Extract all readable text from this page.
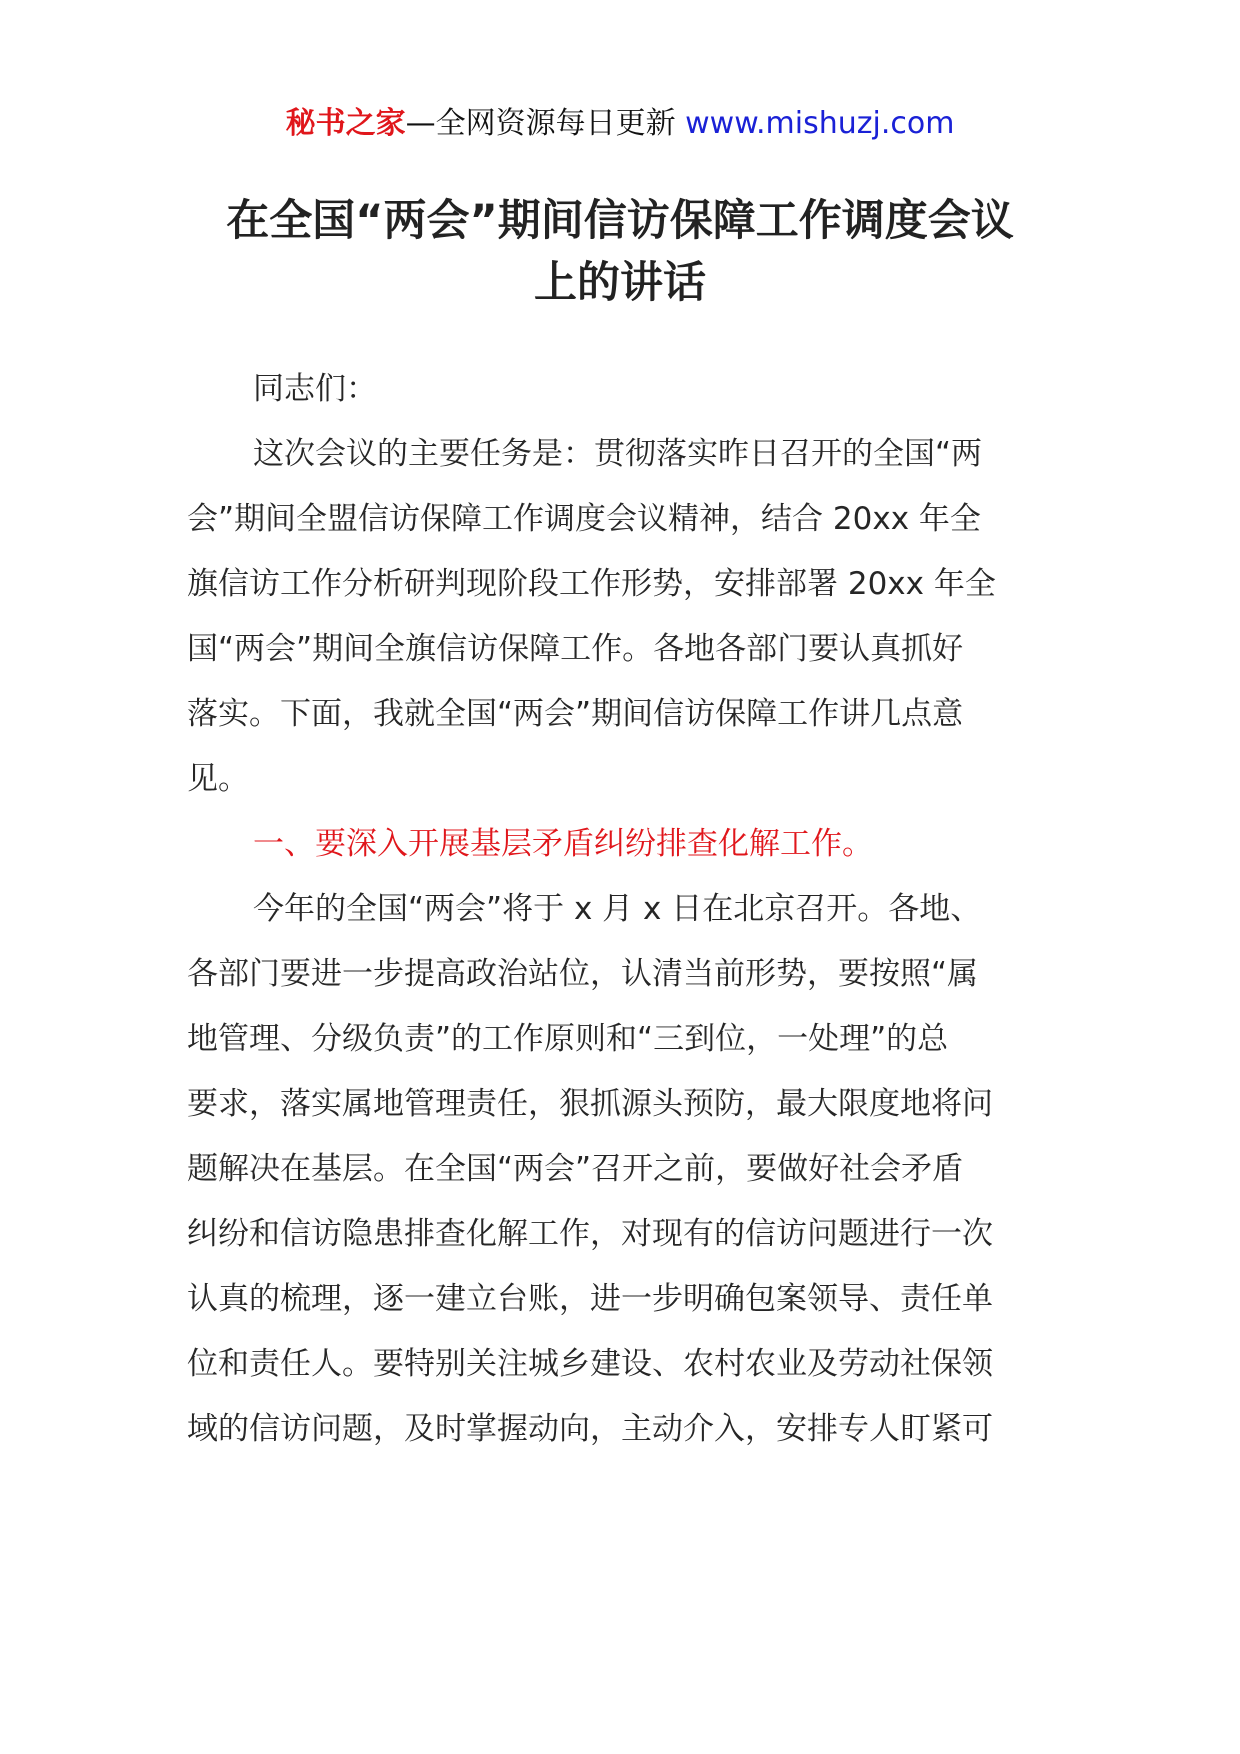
秘书之家—全网资源每日更新 www.mishuzj.com
在全国“两会”期间信访保障工作调度会议
上的讲话
同志们：
这次会议的主要任务是：贯彻落实昨日召开的全国“两
会”期间全盟信访保障工作调度会议精神，结合 20xx 年全
旗信访工作分析研判现阶段工作形势，安排部署 20xx 年全
国“两会”期间全旗信访保障工作。各地各部门要认真抓好
落实。下面，我就全国“两会”期间信访保障工作讲几点意
见。
一、要深入开展基层矛盾纠纷排查化解工作。
今年的全国“两会”将于 x 月 x 日在北京召开。各地、
各部门要进一步提高政治站位，认清当前形势，要按照“属
地管理、分级负责”的工作原则和“三到位，一处理”的总
要求，落实属地管理责任，狠抓源头预防，最大限度地将问
题解决在基层。在全国“两会”召开之前，要做好社会矛盾
纠纷和信访隐患排查化解工作，对现有的信访问题进行一次
认真的梳理，逐一建立台账，进一步明确包案领导、责任单
位和责任人。要特别关注城乡建设、农村农业及劳动社保领
域的信访问题，及时掌握动向，主动介入，安排专人盯紧可
